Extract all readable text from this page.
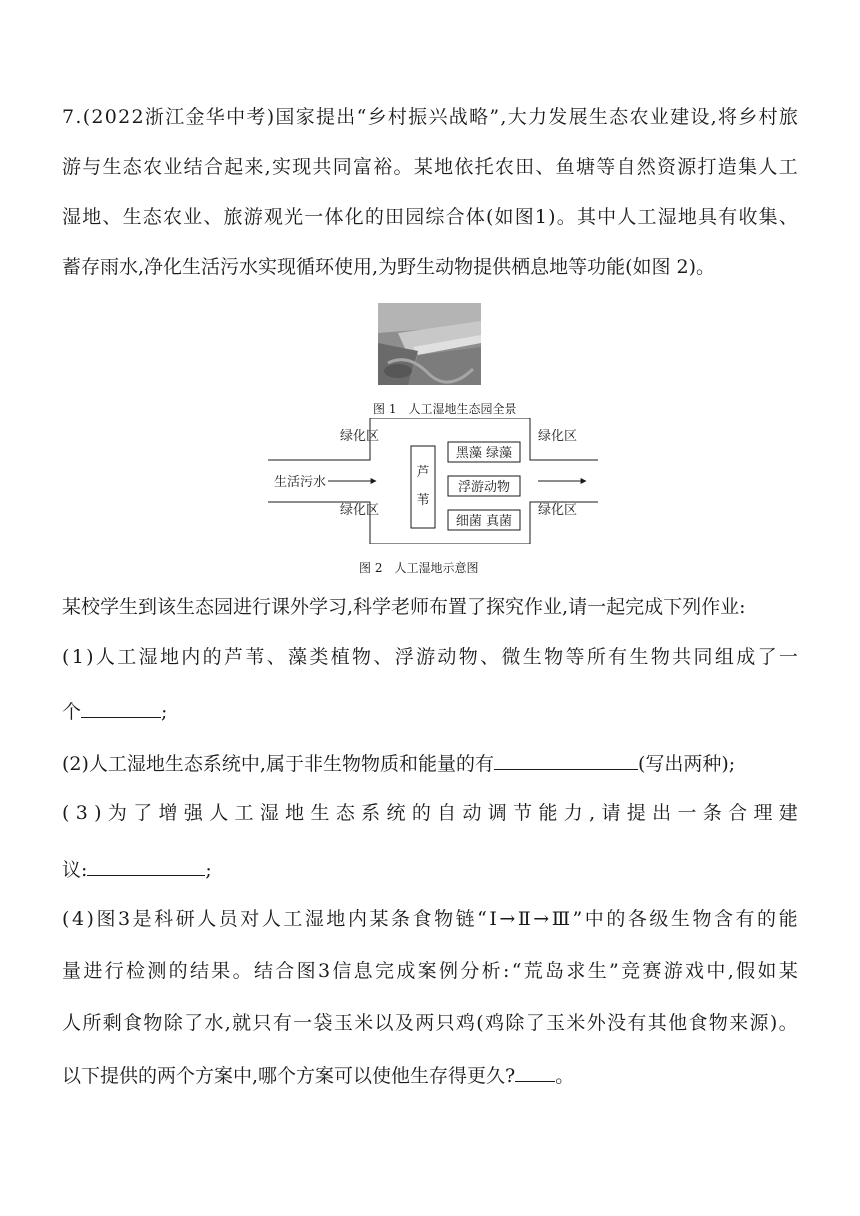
7 . ( 2 0 2 2 浙 江 金 华 中 考 ) 国 家 提 出 “ 乡 村 振 兴 战 略 ” , 大 力 发 展 生 态 农 业 建 设 , 将 乡 村 旅
游 与 生 态 农 业 结 合 起 来 , 实 现 共 同 富 裕 。 某 地 依 托 农 田 、 鱼 塘 等 自 然 资 源 打 造 集 人 工
湿 地 、 生 态 农 业 、 旅 游 观 光 一 体 化 的 田 园 综 合 体 ( 如 图 1 ) 。 其 中 人 工 湿 地 具 有 收 集 、
蓄存雨水,净化生活污水实现循环使用,为野生动物提供栖息地等功能(如图 2)。
图 1　人工湿地生态园全景
芦
苇
黑藻 绿藻
浮游动物
细菌 真菌
绿化区
生活污水
绿化区
绿化区
绿化区
图 2　人工湿地示意图
某校学生到该生态园进行课外学习,科学老师布置了探究作业,请一起完成下列作业:
( 1 ) 人 工 湿 地 内 的 芦 苇 、 藻 类 植 物 、 浮 游 动 物 、 微 生 物 等 所 有 生 物 共 同 组 成 了 一
个	;
(2)人工湿地生态系统中,属于非生物物质和能量的有	(写出两种);
( 3 ) 为 了 增 强 人 工 湿 地 生 态 系 统 的 自 动 调 节 能 力 , 请 提 出 一 条 合 理 建
议:	;
( 4 ) 图 3 是 科 研 人 员 对 人 工 湿 地 内 某 条 食 物 链 “ Ⅰ → Ⅱ → Ⅲ ” 中 的 各 级 生 物 含 有 的 能
量 进 行 检 测 的 结 果 。 结 合 图 3 信 息 完 成 案 例 分 析 : “ 荒 岛 求 生 ” 竞 赛 游 戏 中 , 假 如 某
人 所 剩 食 物 除 了 水 , 就 只 有 一 袋 玉 米 以 及 两 只 鸡 ( 鸡 除 了 玉 米 外 没 有 其 他 食 物 来 源 ) 。
以下提供的两个方案中,哪个方案可以使他生存得更久? 。
